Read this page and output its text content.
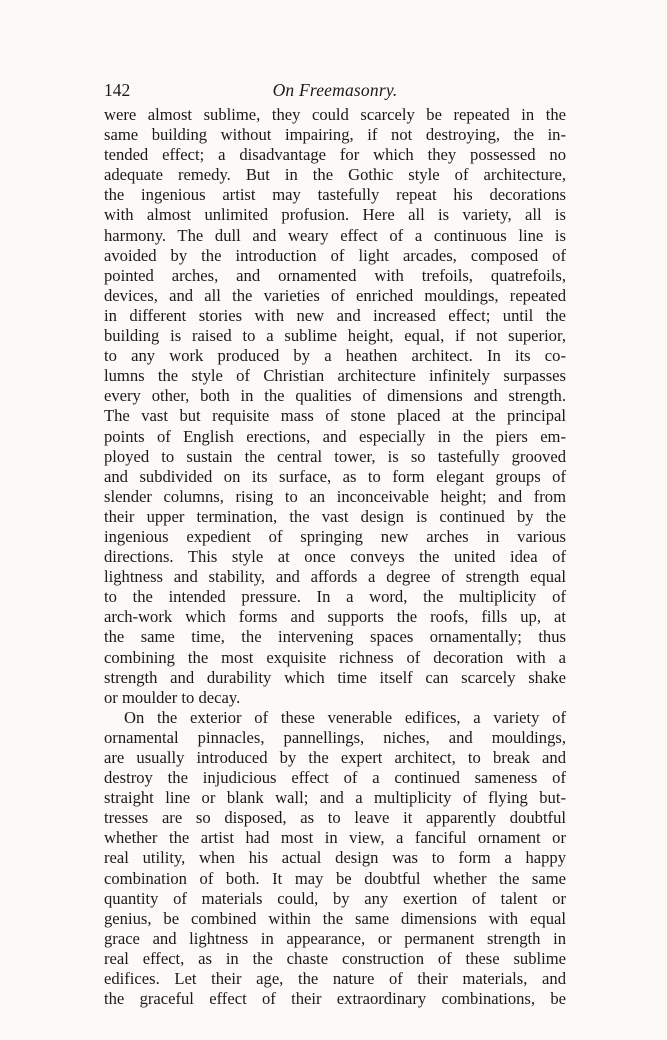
142	On Freemasonry.
were almost sublime, they could scarcely be repeated in the
same building without impairing, if not destroying, the in-
tended effect; a disadvantage for which they possessed no
adequate remedy. But in the Gothic style of architecture,
the ingenious artist may tastefully repeat his decorations
with almost unlimited profusion. Here all is variety, all is
harmony. The dull and weary effect of a continuous line is
avoided by the introduction of light arcades, composed of
pointed arches, and ornamented with trefoils, quatrefoils,
devices, and all the varieties of enriched mouldings, repeated
in different stories with new and increased effect; until the
building is raised to a sublime height, equal, if not superior,
to any work produced by a heathen architect. In its co-
lumns the style of Christian architecture infinitely surpasses
every other, both in the qualities of dimensions and strength.
The vast but requisite mass of stone placed at the principal
points of English erections, and especially in the piers em-
ployed to sustain the central tower, is so tastefully grooved
and subdivided on its surface, as to form elegant groups of
slender columns, rising to an inconceivable height; and from
their upper termination, the vast design is continued by the
ingenious expedient of springing new arches in various
directions. This style at once conveys the united idea of
lightness and stability, and affords a degree of strength equal
to the intended pressure. In a word, the multiplicity of
arch-work which forms and supports the roofs, fills up, at
the same time, the intervening spaces ornamentally; thus
combining the most exquisite richness of decoration with a
strength and durability which time itself can scarcely shake
or moulder to decay.
On the exterior of these venerable edifices, a variety of
ornamental pinnacles, pannellings, niches, and mouldings,
are usually introduced by the expert architect, to break and
destroy the injudicious effect of a continued sameness of
straight line or blank wall; and a multiplicity of flying but-
tresses are so disposed, as to leave it apparently doubtful
whether the artist had most in view, a fanciful ornament or
real utility, when his actual design was to form a happy
combination of both. It may be doubtful whether the same
quantity of materials could, by any exertion of talent or
genius, be combined within the same dimensions with equal
grace and lightness in appearance, or permanent strength in
real effect, as in the chaste construction of these sublime
edifices. Let their age, the nature of their materials, and
the graceful effect of their extraordinary combinations, be
